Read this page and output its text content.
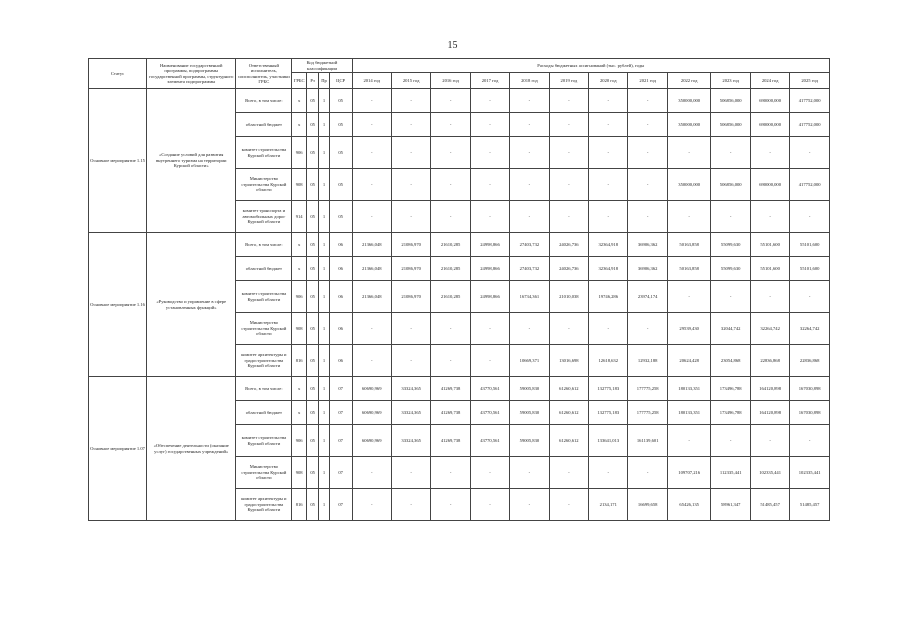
15
Статус	Наименование государственной программы, подпрограммы государственной программы, структурного элемента подпрограммы	Ответственный исполнитель, соисполнитель, участники ГРБС	Код бюджетной классификации				Расходы бюджетных ассигнований (тыс. рублей), годы											
			ГРБС	Рз	Пр	ЦСР	2014 год	2015 год	2016 год	2017 год	2018 год	2019 год	2020 год	2021 год	2022 год	2023 год	2024 год	2025 год
Основное мероприятие 1.15	«Создание условий для развития внутреннего туризма на территории Курской области»	Всего, в том числе:	х	05	1	05	-	-	-	-	-	-	-	-	350000,000	506856,000	690000,000	417752,000
		областной бюджет	х	05	1	05	-	-	-	-	-	-	-	-	350000,000	506856,000	690000,000	417752,000
		комитет строительства Курской области	906	05	1	05	-	-	-	-	-	-	-	-	-	-	-	-
		Министерство строительства Курской области	908	05	1	05	-	-	-	-	-	-	-	-	350000,000	506856,000	690000,000	417752,000
		комитет транспорта и автомобильных дорог Курской области	914	05	1	05	-	-	-	-	-	-	-	-	-	-	-	-
Основное мероприятие 1.16	«Руководство и управление в сфере установленных функций»	Всего, в том числе:	х	05	1	06	21366,048	21086,970	21610,285	24998,866	27403,732	24026,736	32364,918	36906,362	50163,858	55099,630	55101,600	55101,600
		областной бюджет	х	05	1	06	21366,048	21086,970	21610,285	24998,866	27403,732	24026,736	32364,918	36906,362	50163,858	55099,630	55101,600	55101,600
		комитет строительства Курской области	906	05	1	06	21366,048	21086,970	21610,285	24998,866	16734,361	21010,038	19746,286	23974,174	-	-	-	-
		Министерство строительства Курской области	908	05	1	06	-	-	-	-	-	-	-	-	29539,430	32044,742	32264,742	32264,742
		комитет архитектуры и градостроительства Курской области	816	05	1	06	-	-	-	-	10669,371	13016,698	12618,632	12932,188	20624,428	23054,868	22836,868	22836,868
Основное мероприятие 1.07	«Обеспечение деятельности (оказание услуг) государственных учреждений»	Всего, в том числе:	х	05	1	07	60690,969	33324,365	41269,738	43770,561	59005,830	61260,612	132775,183	177775,258	180133,351	173496,788	164120,898	167030,898
		областной бюджет	х	05	1	07	60690,969	33324,365	41269,738	43770,561	59005,830	61260,612	132775,183	177775,258	180133,351	173496,788	164120,898	167030,898
		комитет строительства Курской области	906	05	1	07	60690,969	33324,365	41269,738	43770,561	59005,830	61260,612	133641,013	161139,601	-	-	-	-
		Министерство строительства Курской области	908	05	1	07	-	-	-	-	-	-	-	-	109707,216	112335,441	102335,441	102335,441
		комитет архитектуры и градостроительства Курской области	816	05	1	07	-	-	-	-	-	-	2134,171	16699,658	65426,135	58961,347	51485,457	51485,457
